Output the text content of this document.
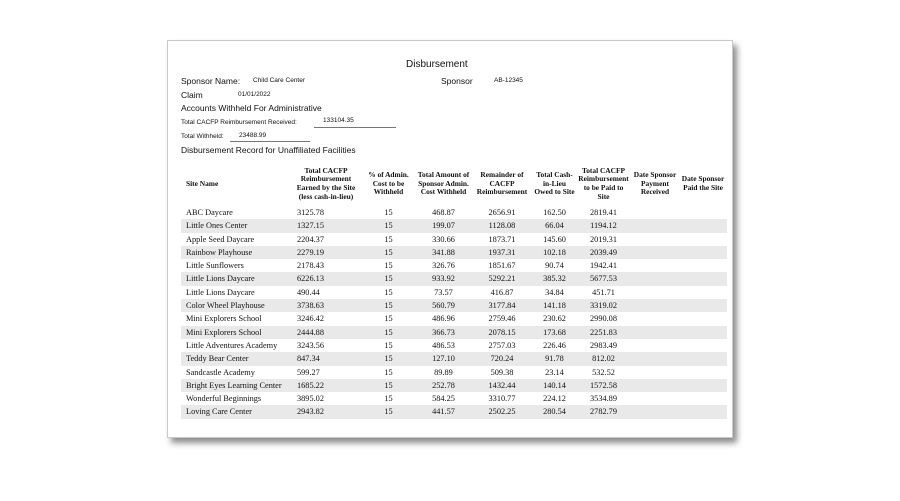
Disbursement
Sponsor Name: Child Care Center	Sponsor	AB-12345
Claim	01/01/2022
Accounts Withheld For Administrative
Total CACFP Reimbursement Received:	133104.35
Total Withheld: 23488.99
Disbursement Record for Unaffiliated Facilities
Site Name	Total CACFP Reimbursement Earned by the Site (less cash-in-lieu)	% of Admin. Cost to be Withheld	Total Amount of Sponsor Admin. Cost Withheld	Remainder of CACFP Reimbursement	Total Cash-in-Lieu Owed to Site	Total CACFP Reimbursement to be Paid to Site	Date Sponsor Payment Received	Date Sponsor Paid the Site
ABC Daycare	3125.78	15	468.87	2656.91	162.50	2819.41		
Little Ones Center	1327.15	15	199.07	1128.08	66.04	1194.12		
Apple Seed Daycare	2204.37	15	330.66	1873.71	145.60	2019.31		
Rainbow Playhouse	2279.19	15	341.88	1937.31	102.18	2039.49		
Little Sunflowers	2178.43	15	326.76	1851.67	90.74	1942.41		
Little Lions Daycare	6226.13	15	933.92	5292.21	385.32	5677.53		
Little Lions Daycare	490.44	15	73.57	416.87	34.84	451.71		
Color Wheel Playhouse	3738.63	15	560.79	3177.84	141.18	3319.02		
Mini Explorers School	3246.42	15	486.96	2759.46	230.62	2990.08		
Mini Explorers School	2444.88	15	366.73	2078.15	173.68	2251.83		
Little Adventures Academy	3243.56	15	486.53	2757.03	226.46	2983.49		
Teddy Bear Center	847.34	15	127.10	720.24	91.78	812.02		
Sandcastle Academy	599.27	15	89.89	509.38	23.14	532.52		
Bright Eyes Learning Center	1685.22	15	252.78	1432.44	140.14	1572.58		
Wonderful Beginnings	3895.02	15	584.25	3310.77	224.12	3534.89		
Loving Care Center	2943.82	15	441.57	2502.25	280.54	2782.79		
